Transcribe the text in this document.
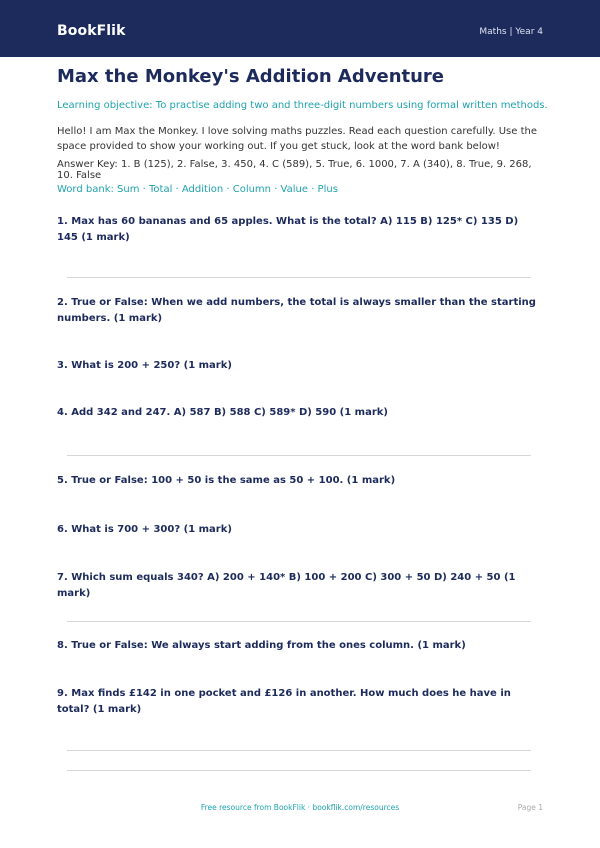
BookFlik	Maths | Year 4
Max the Monkey's Addition Adventure
Learning objective: To practise adding two and three-digit numbers using formal written methods.
Hello! I am Max the Monkey. I love solving maths puzzles. Read each question carefully. Use the space provided to show your working out. If you get stuck, look at the word bank below!
Answer Key: 1. B (125), 2. False, 3. 450, 4. C (589), 5. True, 6. 1000, 7. A (340), 8. True, 9. 268, 10. False
Word bank: Sum · Total · Addition · Column · Value · Plus
1. Max has 60 bananas and 65 apples. What is the total? A) 115 B) 125* C) 135 D) 145 (1 mark)
2. True or False: When we add numbers, the total is always smaller than the starting numbers. (1 mark)
3. What is 200 + 250? (1 mark)
4. Add 342 and 247. A) 587 B) 588 C) 589* D) 590 (1 mark)
5. True or False: 100 + 50 is the same as 50 + 100. (1 mark)
6. What is 700 + 300? (1 mark)
7. Which sum equals 340? A) 200 + 140* B) 100 + 200 C) 300 + 50 D) 240 + 50 (1 mark)
8. True or False: We always start adding from the ones column. (1 mark)
9. Max finds £142 in one pocket and £126 in another. How much does he have in total? (1 mark)
Free resource from BookFlik · bookflik.com/resources	Page 1
